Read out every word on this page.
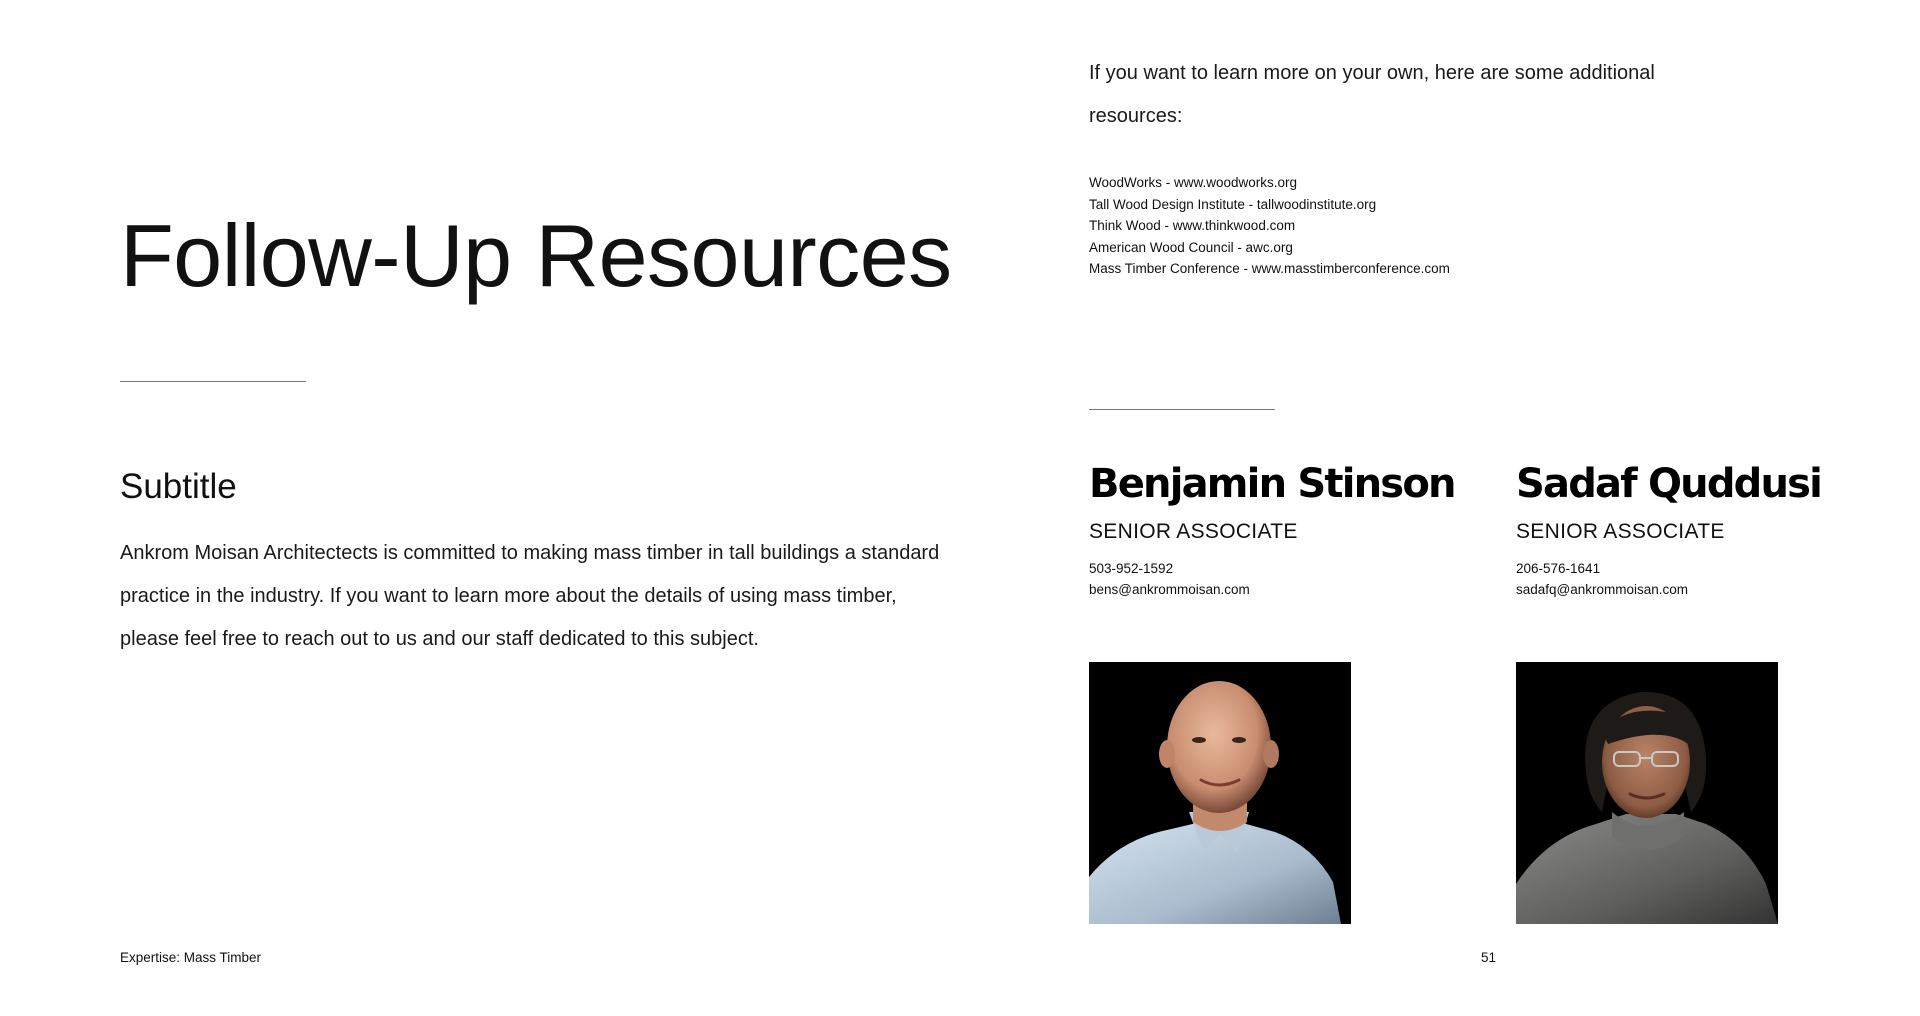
Follow-Up Resources
Subtitle

Ankrom Moisan Architectects is committed to making mass timber in tall buildings a standard practice in the industry. If you want to learn more about the details of using mass timber, please feel free to reach out to us and our staff dedicated to this subject.

If you want to learn more on your own, here are some additional resources:

WoodWorks - www.woodworks.org
Tall Wood Design Institute - tallwoodinstitute.org
Think Wood - www.thinkwood.com
American Wood Council - awc.org
Mass Timber Conference - www.masstimberconference.com

Benjamin Stinson

SENIOR ASSOCIATE

503-952-1592

bens@ankrommoisan.com

Sadaf Quddusi

SENIOR ASSOCIATE

206-576-1641

sadafq@ankrommoisan.com

Expertise: Mass Timber	51
